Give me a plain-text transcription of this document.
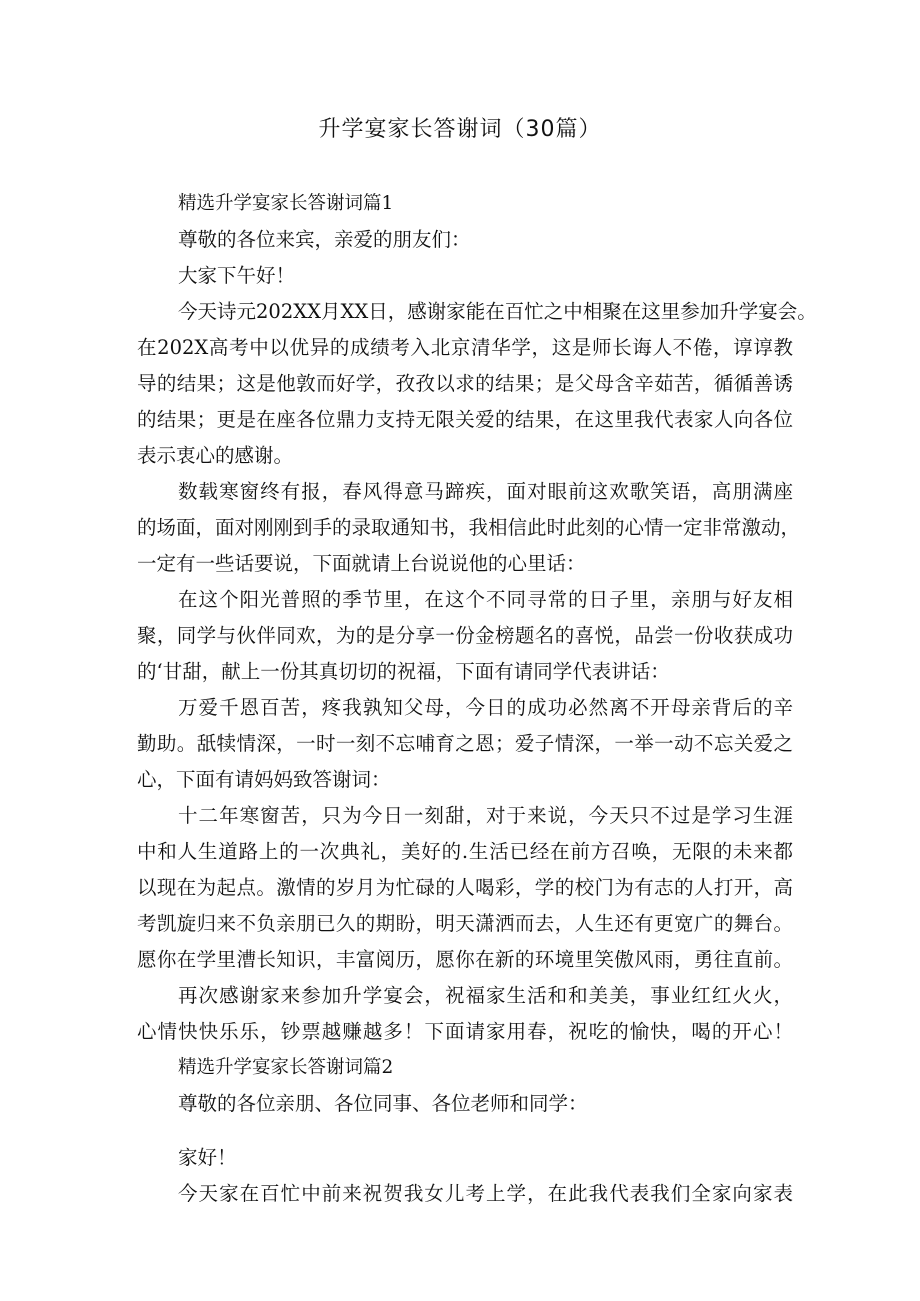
升学宴家长答谢词（30篇）
精选升学宴家长答谢词篇1
尊敬的各位来宾，亲爱的朋友们：
大家下午好！
今天诗元202XX月XX日，感谢家能在百忙之中相聚在这里参加升学宴会。
在202X高考中以优异的成绩考入北京清华学，这是师长诲人不倦，谆谆教
导的结果；这是他敦而好学，孜孜以求的结果；是父母含辛茹苦，循循善诱
的结果；更是在座各位鼎力支持无限关爱的结果，在这里我代表家人向各位
表示衷心的感谢。
数载寒窗终有报，春风得意马蹄疾，面对眼前这欢歌笑语，高朋满座
的场面，面对刚刚到手的录取通知书，我相信此时此刻的心情一定非常激动，
一定有一些话要说，下面就请上台说说他的心里话：
在这个阳光普照的季节里，在这个不同寻常的日子里，亲朋与好友相
聚，同学与伙伴同欢，为的是分享一份金榜题名的喜悦，品尝一份收获成功
的‘甘甜，献上一份其真切切的祝福，下面有请同学代表讲话：
万爱千恩百苦，疼我孰知父母，今日的成功必然离不开母亲背后的辛
勤助。舐犊情深，一时一刻不忘哺育之恩；爱子情深，一举一动不忘关爱之
心，下面有请妈妈致答谢词：
十二年寒窗苦，只为今日一刻甜，对于来说，今天只不过是学习生涯
中和人生道路上的一次典礼，美好的.生活已经在前方召唤，无限的未来都
以现在为起点。激情的岁月为忙碌的人喝彩，学的校门为有志的人打开，高
考凯旋归来不负亲朋已久的期盼，明天潇洒而去，人生还有更宽广的舞台。
愿你在学里漕长知识，丰富阅历，愿你在新的环境里笑傲风雨，勇往直前。
再次感谢家来参加升学宴会，祝福家生活和和美美，事业红红火火，
心情快快乐乐，钞票越赚越多！下面请家用春，祝吃的愉快，喝的开心！
精选升学宴家长答谢词篇2
尊敬的各位亲朋、各位同事、各位老师和同学：
家好！
今天家在百忙中前来祝贺我女儿考上学，在此我代表我们全家向家表
